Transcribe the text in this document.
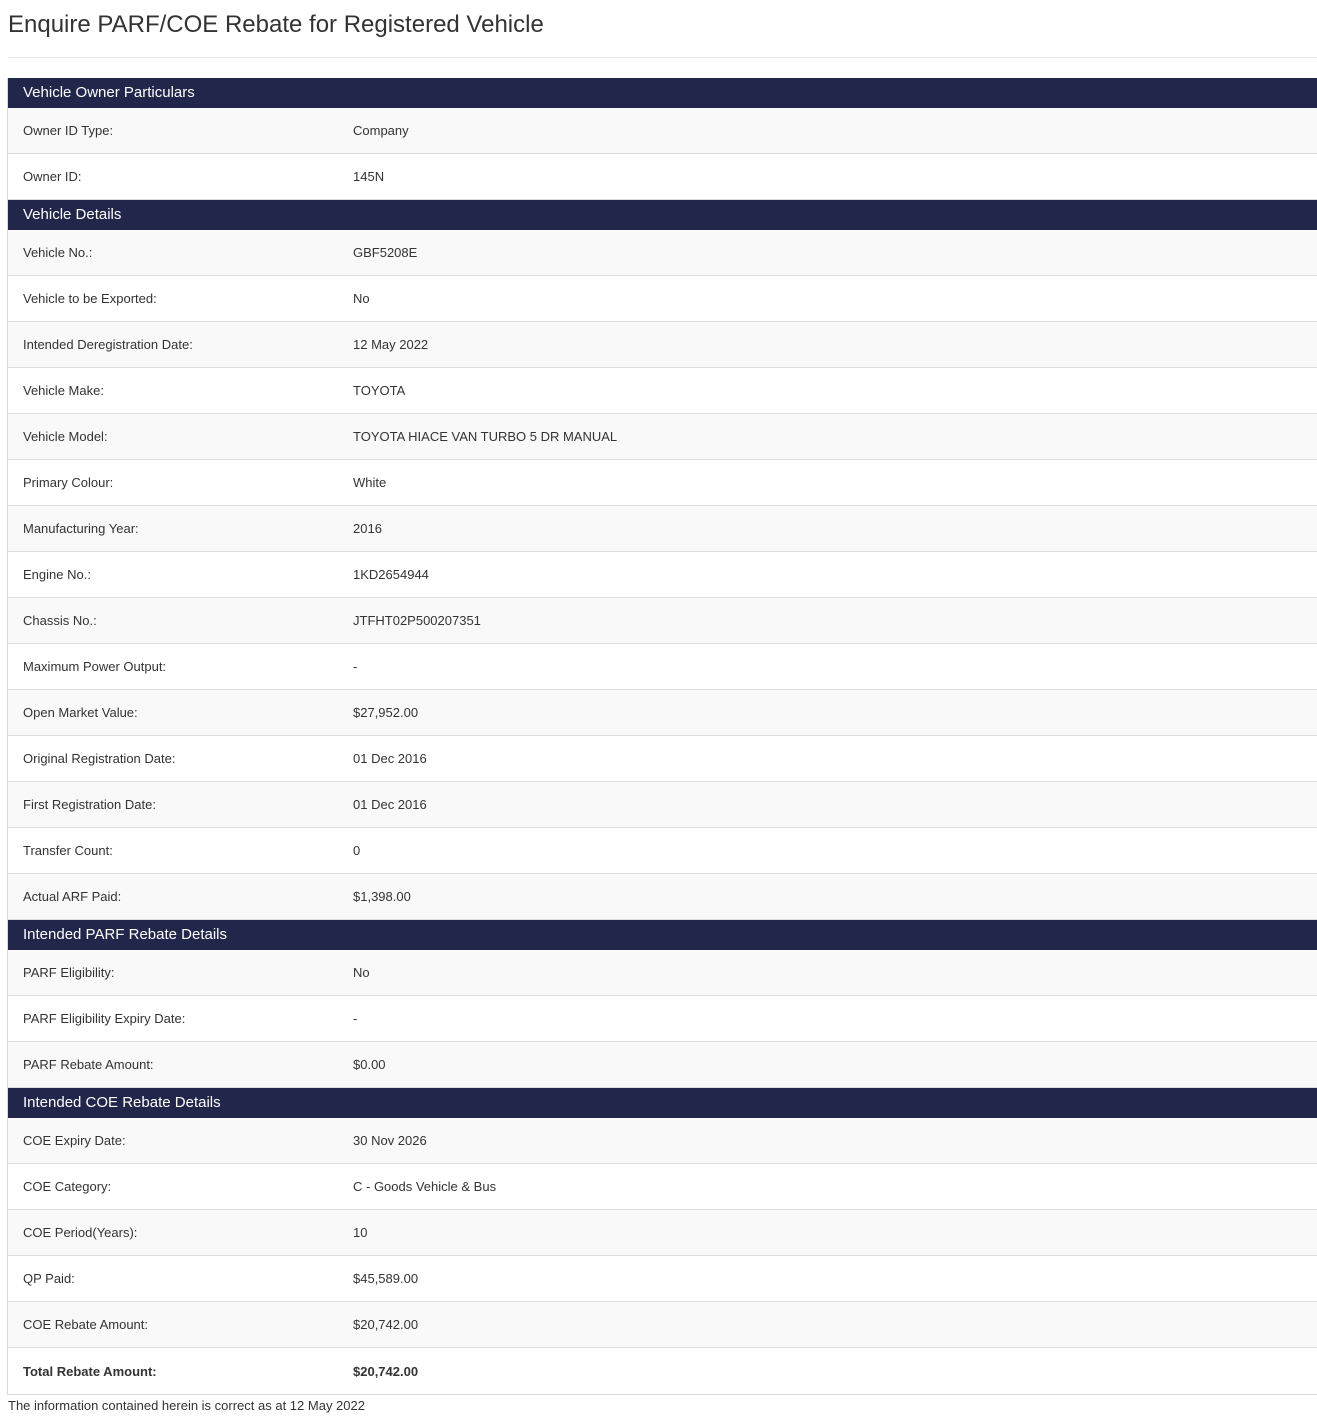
Enquire PARF/COE Rebate for Registered Vehicle
Vehicle Owner Particulars
Owner ID Type:	Company
Owner ID:	145N
Vehicle Details
Vehicle No.:	GBF5208E
Vehicle to be Exported:	No
Intended Deregistration Date:	12 May 2022
Vehicle Make:	TOYOTA
Vehicle Model:	TOYOTA HIACE VAN TURBO 5 DR MANUAL
Primary Colour:	White
Manufacturing Year:	2016
Engine No.:	1KD2654944
Chassis No.:	JTFHT02P500207351
Maximum Power Output:	-
Open Market Value:	$27,952.00
Original Registration Date:	01 Dec 2016
First Registration Date:	01 Dec 2016
Transfer Count:	0
Actual ARF Paid:	$1,398.00
Intended PARF Rebate Details
PARF Eligibility:	No
PARF Eligibility Expiry Date:	-
PARF Rebate Amount:	$0.00
Intended COE Rebate Details
COE Expiry Date:	30 Nov 2026
COE Category:	C - Goods Vehicle & Bus
COE Period(Years):	10
QP Paid:	$45,589.00
COE Rebate Amount:	$20,742.00
Total Rebate Amount:	$20,742.00
The information contained herein is correct as at 12 May 2022
